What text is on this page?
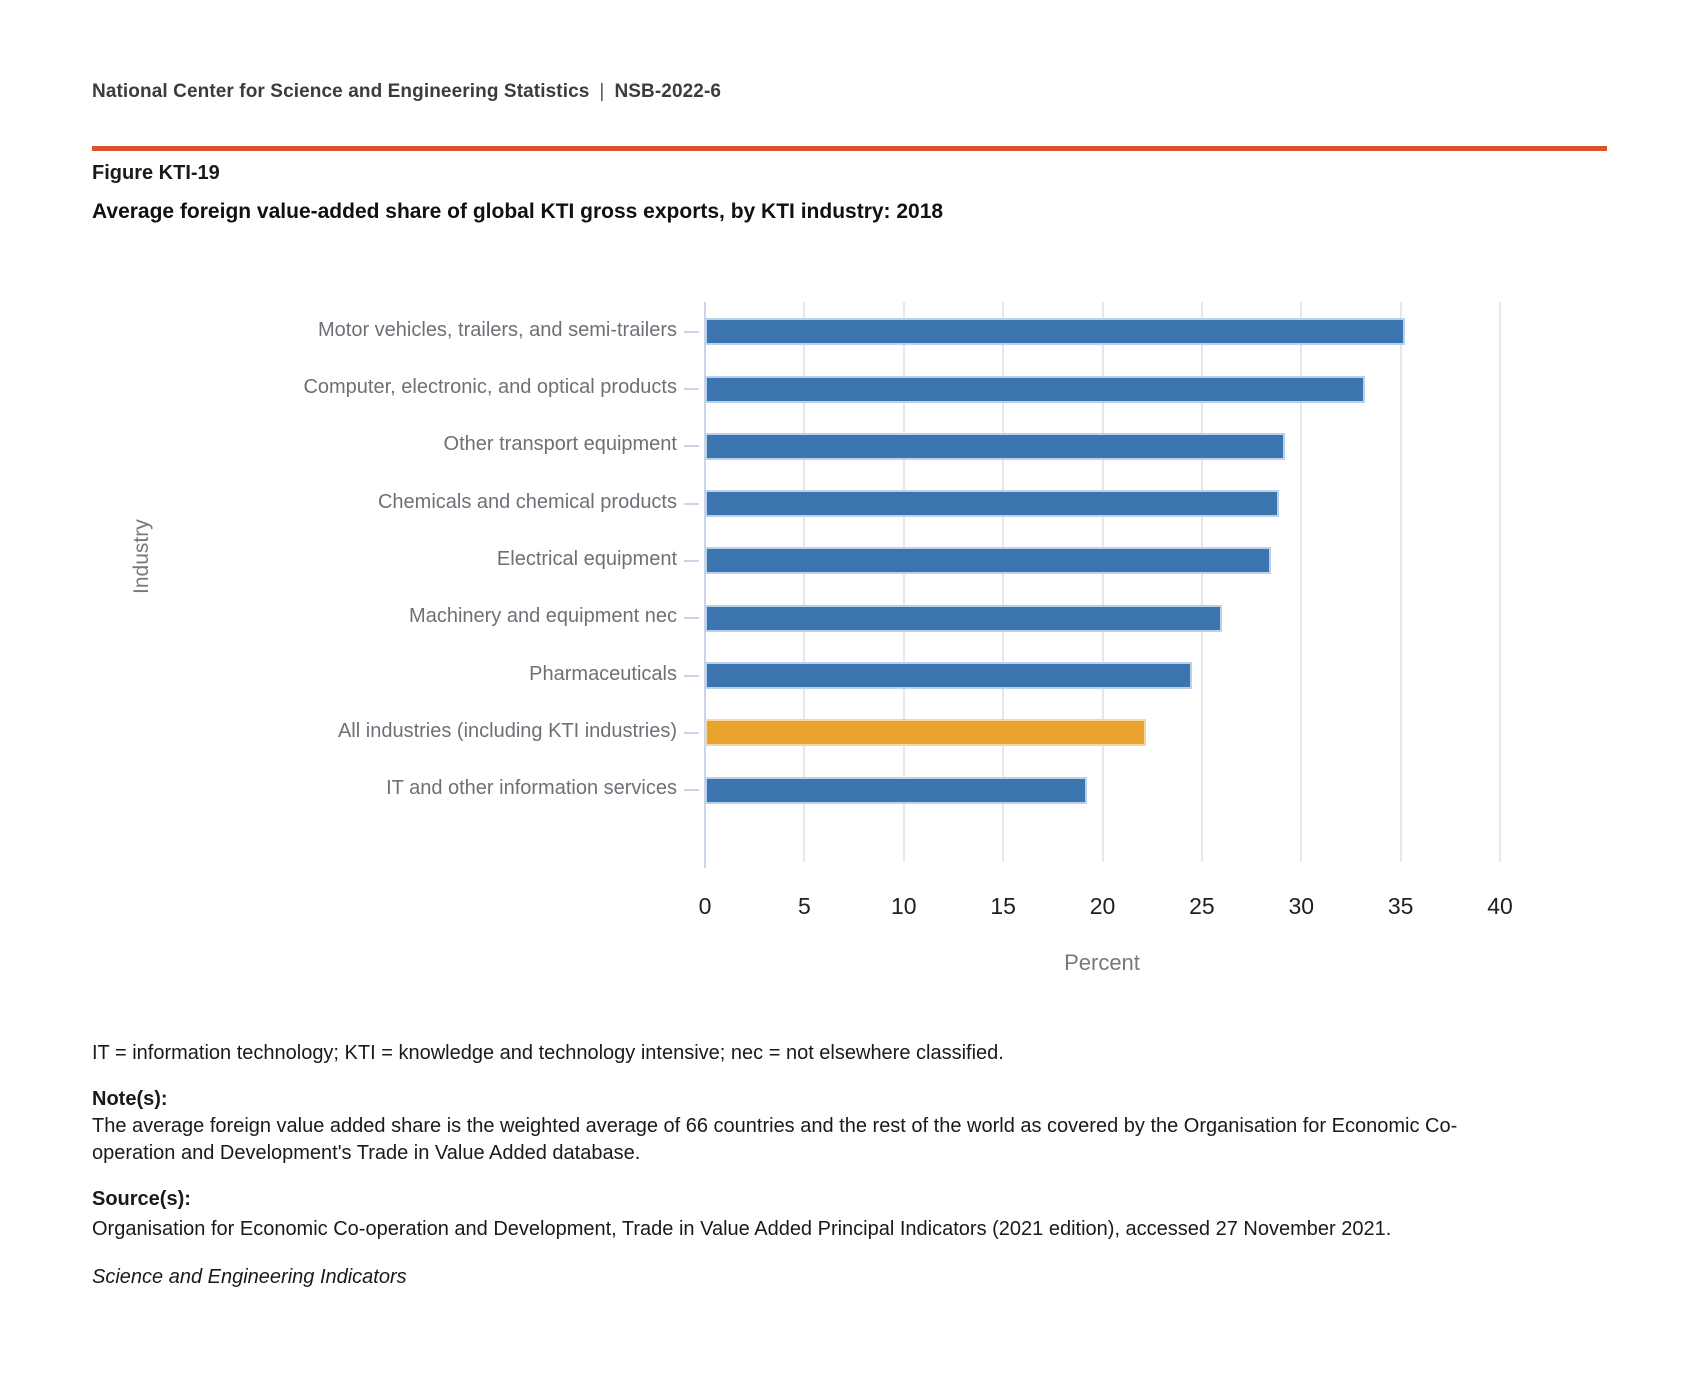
National Center for Science and Engineering Statistics | NSB-2022-6
Figure KTI-19
Average foreign value-added share of global KTI gross exports, by KTI industry: 2018
Industry
Motor vehicles, trailers, and semi-trailers
Computer, electronic, and optical products
Other transport equipment
Chemicals and chemical products
Electrical equipment
Machinery and equipment nec
Pharmaceuticals
All industries (including KTI industries)
IT and other information services
0	5	10	15	20	25	30	35	40
Percent
IT = information technology; KTI = knowledge and technology intensive; nec = not elsewhere classified.
Note(s):
The average foreign value added share is the weighted average of 66 countries and the rest of the world as covered by the Organisation for Economic Co-operation and Development's Trade in Value Added database.
Source(s):
Organisation for Economic Co-operation and Development, Trade in Value Added Principal Indicators (2021 edition), accessed 27 November 2021.
Science and Engineering Indicators
